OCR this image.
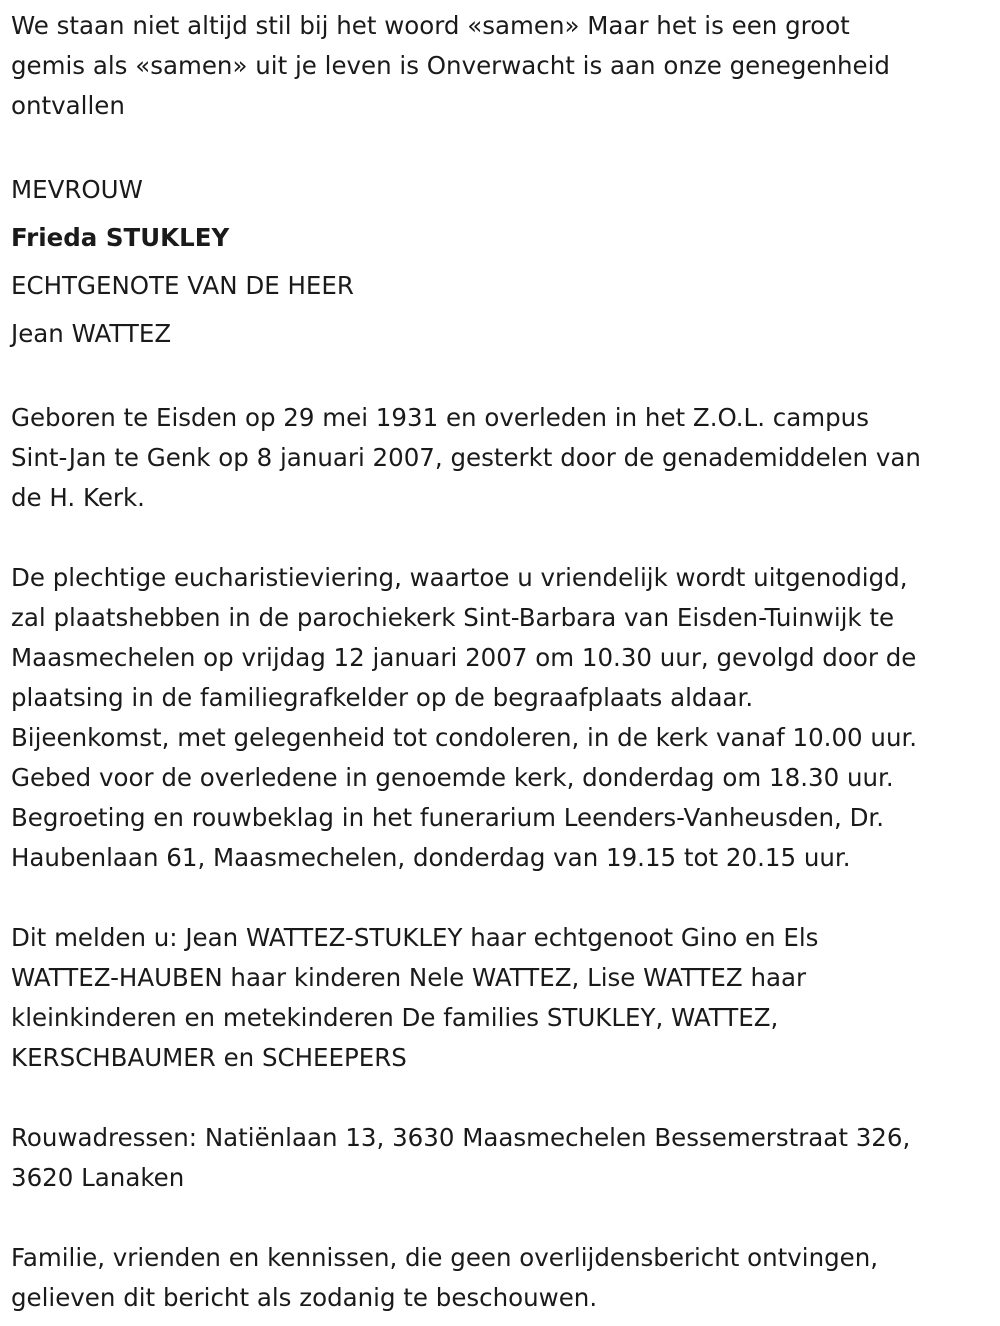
We staan niet altijd stil bij het woord «samen» Maar het is een groot

gemis als «samen» uit je leven is Onverwacht is aan onze genegenheid

ontvallen

MEVROUW

Frieda STUKLEY

ECHTGENOTE VAN DE HEER

Jean WATTEZ

Geboren te Eisden op 29 mei 1931 en overleden in het Z.O.L. campus

Sint-Jan te Genk op 8 januari 2007, gesterkt door de genademiddelen van

de H. Kerk.

De plechtige eucharistieviering, waartoe u vriendelijk wordt uitgenodigd,

zal plaatshebben in de parochiekerk Sint-Barbara van Eisden-Tuinwijk te

Maasmechelen op vrijdag 12 januari 2007 om 10.30 uur, gevolgd door de

plaatsing in de familiegrafkelder op de begraafplaats aldaar.

Bijeenkomst, met gelegenheid tot condoleren, in de kerk vanaf 10.00 uur.

Gebed voor de overledene in genoemde kerk, donderdag om 18.30 uur.

Begroeting en rouwbeklag in het funerarium Leenders-Vanheusden, Dr.

Haubenlaan 61, Maasmechelen, donderdag van 19.15 tot 20.15 uur.

Dit melden u: Jean WATTEZ-STUKLEY haar echtgenoot Gino en Els

WATTEZ-HAUBEN haar kinderen Nele WATTEZ, Lise WATTEZ haar

kleinkinderen en metekinderen De families STUKLEY, WATTEZ,

KERSCHBAUMER en SCHEEPERS

Rouwadressen: Natiënlaan 13, 3630 Maasmechelen Bessemerstraat 326,

3620 Lanaken

Familie, vrienden en kennissen, die geen overlijdensbericht ontvingen,

gelieven dit bericht als zodanig te beschouwen.
